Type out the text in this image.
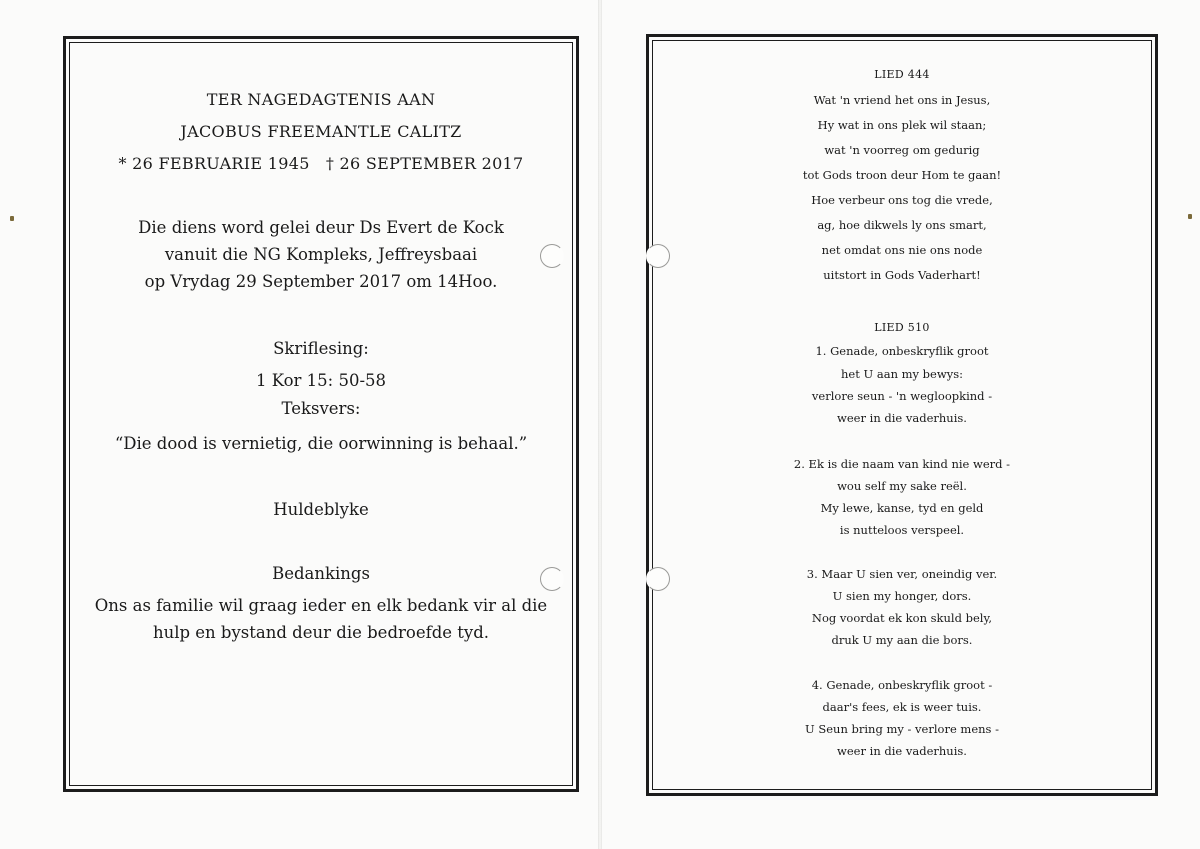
TER NAGEDAGTENIS AAN
JACOBUS FREEMANTLE CALITZ
* 26 FEBRUARIE 1945 † 26 SEPTEMBER 2017
Die diens word gelei deur Ds Evert de Kock
vanuit die NG Kompleks, Jeffreysbaai
op Vrydag 29 September 2017 om 14Hoo.
Skriflesing:
1 Kor 15: 50-58
Teksvers:
“Die dood is vernietig, die oorwinning is behaal.”
Huldeblyke
Bedankings
Ons as familie wil graag ieder en elk bedank vir al die
hulp en bystand deur die bedroefde tyd.
LIED 444
Wat 'n vriend het ons in Jesus,
Hy wat in ons plek wil staan;
wat 'n voorreg om gedurig
tot Gods troon deur Hom te gaan!
Hoe verbeur ons tog die vrede,
ag, hoe dikwels ly ons smart,
net omdat ons nie ons node
uitstort in Gods Vaderhart!
LIED 510
1. Genade, onbeskryflik groot
het U aan my bewys:
verlore seun - 'n wegloopkind -
weer in die vaderhuis.
2. Ek is die naam van kind nie werd -
wou self my sake reël.
My lewe, kanse, tyd en geld
is nutteloos verspeel.
3. Maar U sien ver, oneindig ver.
U sien my honger, dors.
Nog voordat ek kon skuld bely,
druk U my aan die bors.
4. Genade, onbeskryflik groot -
daar's fees, ek is weer tuis.
U Seun bring my - verlore mens -
weer in die vaderhuis.
